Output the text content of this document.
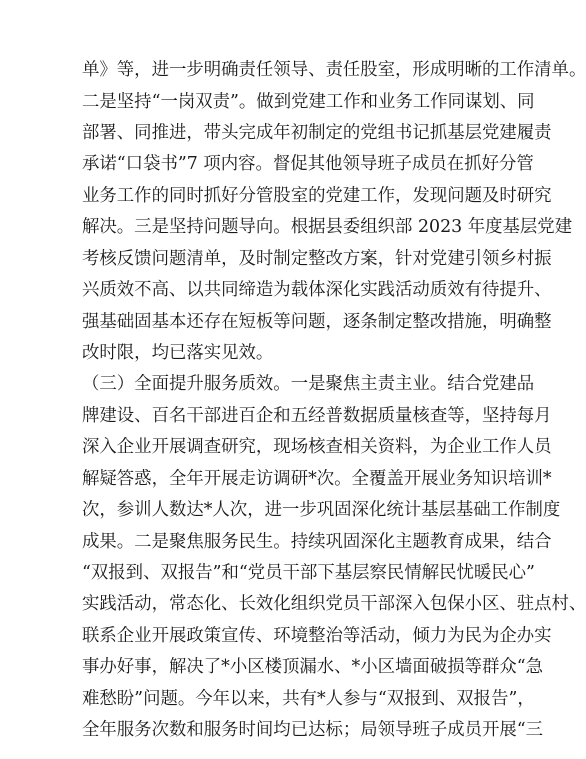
单》等，进一步明确责任领导、责任股室，形成明晰的工作清单。
二是坚持“一岗双责”。做到党建工作和业务工作同谋划、同
部署、同推进，带头完成年初制定的党组书记抓基层党建履责
承诺“口袋书”7 项内容。督促其他领导班子成员在抓好分管
业务工作的同时抓好分管股室的党建工作，发现问题及时研究
解决。三是坚持问题导向。根据县委组织部 2023 年度基层党建
考核反馈问题清单，及时制定整改方案，针对党建引领乡村振
兴质效不高、以共同缔造为载体深化实践活动质效有待提升、
强基础固基本还存在短板等问题，逐条制定整改措施，明确整
改时限，均已落实见效。
（三）全面提升服务质效。一是聚焦主责主业。结合党建品
牌建设、百名干部进百企和五经普数据质量核查等，坚持每月
深入企业开展调查研究，现场核查相关资料，为企业工作人员
解疑答惑，全年开展走访调研*次。全覆盖开展业务知识培训*
次，参训人数达*人次，进一步巩固深化统计基层基础工作制度
成果。二是聚焦服务民生。持续巩固深化主题教育成果，结合
“双报到、双报告”和“党员干部下基层察民情解民忧暖民心”
实践活动，常态化、长效化组织党员干部深入包保小区、驻点村、
联系企业开展政策宣传、环境整治等活动，倾力为民为企办实
事办好事，解决了*小区楼顶漏水、*小区墙面破损等群众“急
难愁盼”问题。今年以来，共有*人参与“双报到、双报告”，
全年服务次数和服务时间均已达标；局领导班子成员开展“三
